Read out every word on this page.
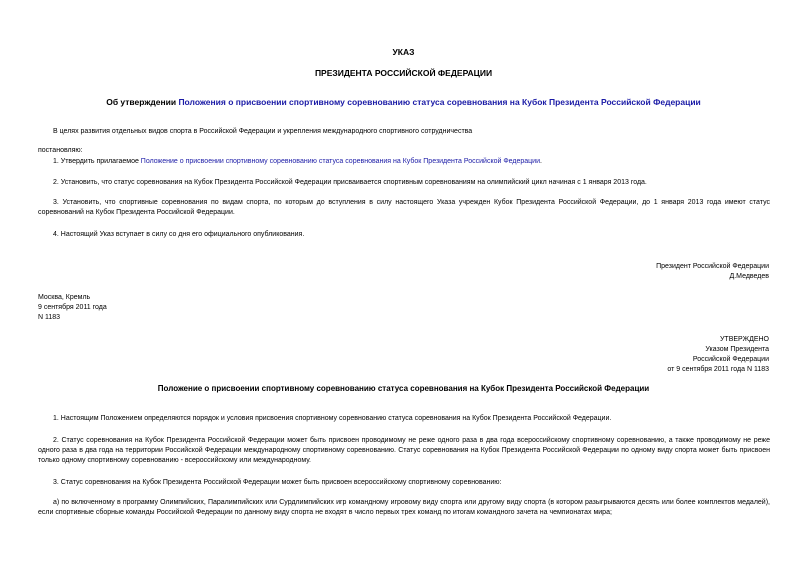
УКАЗ
ПРЕЗИДЕНТА РОССИЙСКОЙ ФЕДЕРАЦИИ
Об утверждении Положения о присвоении спортивному соревнованию статуса соревнования на Кубок Президента Российской Федерации
В целях развития отдельных видов спорта в Российской Федерации и укрепления международного спортивного сотрудничества
постановляю:
1. Утвердить прилагаемое Положение о присвоении спортивному соревнованию статуса соревнования на Кубок Президента Российской Федерации.
2. Установить, что статус соревнования на Кубок Президента Российской Федерации присваивается спортивным соревнованиям на олимпийский цикл начиная с 1 января 2013 года.
3. Установить, что спортивные соревнования по видам спорта, по которым до вступления в силу настоящего Указа учрежден Кубок Президента Российской Федерации, до 1 января 2013 года имеют статус соревнований на Кубок Президента Российской Федерации.
4. Настоящий Указ вступает в силу со дня его официального опубликования.
Президент Российской Федерации
Д.Медведев
Москва, Кремль
9 сентября 2011 года
N 1183
УТВЕРЖДЕНО
Указом Президента
Российской Федерации
от 9 сентября 2011 года N 1183
Положение о присвоении спортивному соревнованию статуса соревнования на Кубок Президента Российской Федерации
1. Настоящим Положением определяются порядок и условия присвоения спортивному соревнованию статуса соревнования на Кубок Президента Российской Федерации.
2. Статус соревнования на Кубок Президента Российской Федерации может быть присвоен проводимому не реже одного раза в два года всероссийскому спортивному соревнованию, а также проводимому не реже одного раза в два года на территории Российской Федерации международному спортивному соревнованию. Статус соревнования на Кубок Президента Российской Федерации по одному виду спорта может быть присвоен только одному спортивному соревнованию - всероссийскому или международному.
3. Статус соревнования на Кубок Президента Российской Федерации может быть присвоен всероссийскому спортивному соревнованию:
а) по включенному в программу Олимпийских, Паралимпийских или Сурдлимпийских игр командному игровому виду спорта или другому виду спорта (в котором разыгрываются десять или более комплектов медалей), если спортивные сборные команды Российской Федерации по данному виду спорта не входят в число первых трех команд по итогам командного зачета на чемпионатах мира;
